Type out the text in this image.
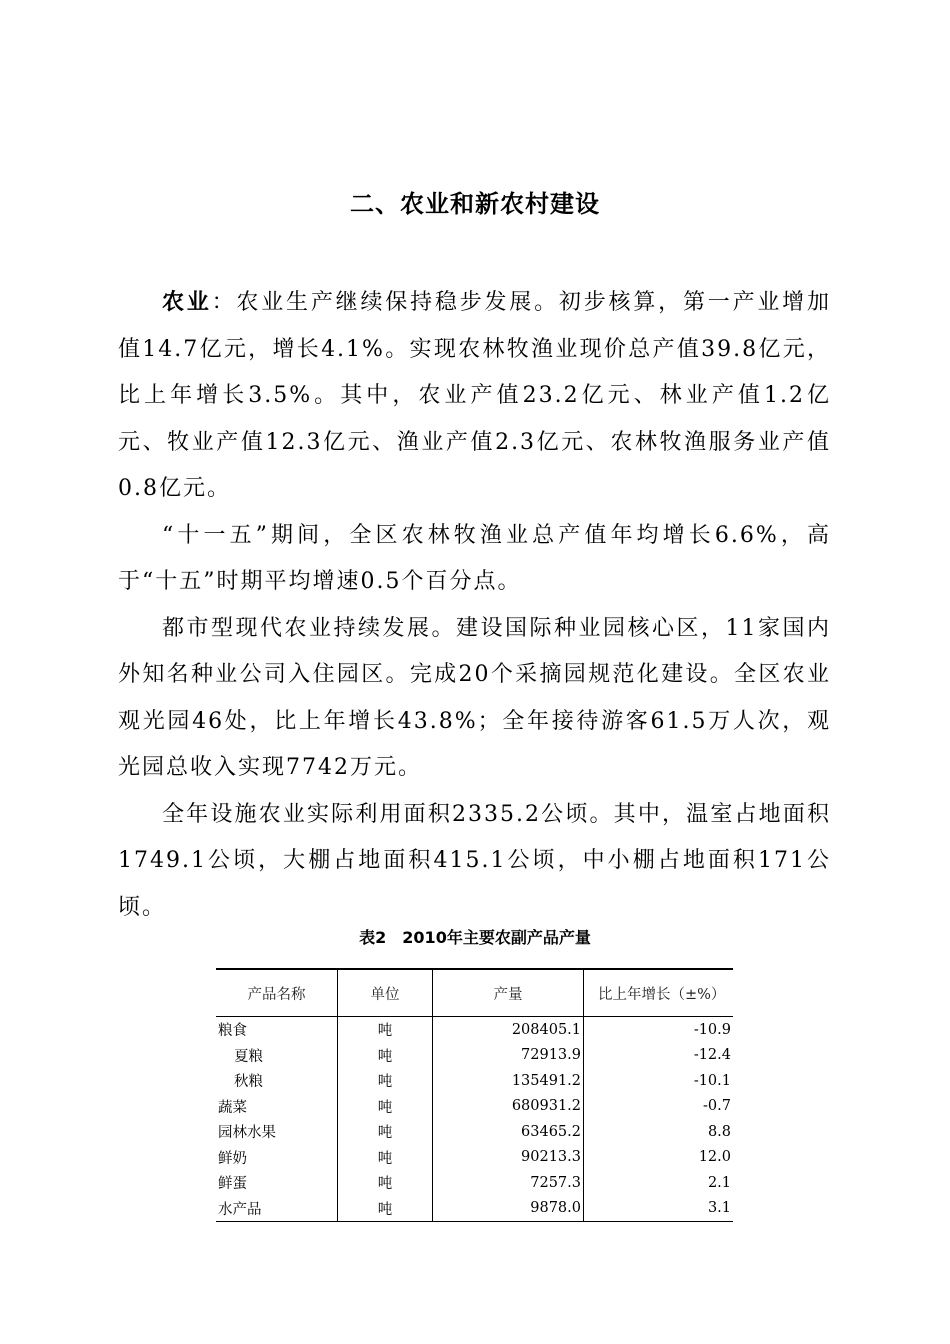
二、农业和新农村建设

农业：农业生产继续保持稳步发展。初步核算，第一产业增加值14.7亿元，增长4.1%。实现农林牧渔业现价总产值39.8亿元，比上年增长3.5%。其中，农业产值23.2亿元、林业产值1.2亿元、牧业产值12.3亿元、渔业产值2.3亿元、农林牧渔服务业产值0.8亿元。

“十一五”期间，全区农林牧渔业总产值年均增长6.6%，高于“十五”时期平均增速0.5个百分点。

都市型现代农业持续发展。建设国际种业园核心区，11家国内外知名种业公司入住园区。完成20个采摘园规范化建设。全区农业观光园46处，比上年增长43.8%；全年接待游客61.5万人次，观光园总收入实现7742万元。

全年设施农业实际利用面积2335.2公顷。其中，温室占地面积1749.1公顷，大棚占地面积415.1公顷，中小棚占地面积171公顷。

表2　2010年主要农副产品产量
产品名称	单位	产量	比上年增长（±%）
粮食	吨	208405.1	-10.9
夏粮	吨	72913.9	-12.4
秋粮	吨	135491.2	-10.1
蔬菜	吨	680931.2	-0.7
园林水果	吨	63465.2	8.8
鲜奶	吨	90213.3	12.0
鲜蛋	吨	7257.3	2.1
水产品	吨	9878.0	3.1
